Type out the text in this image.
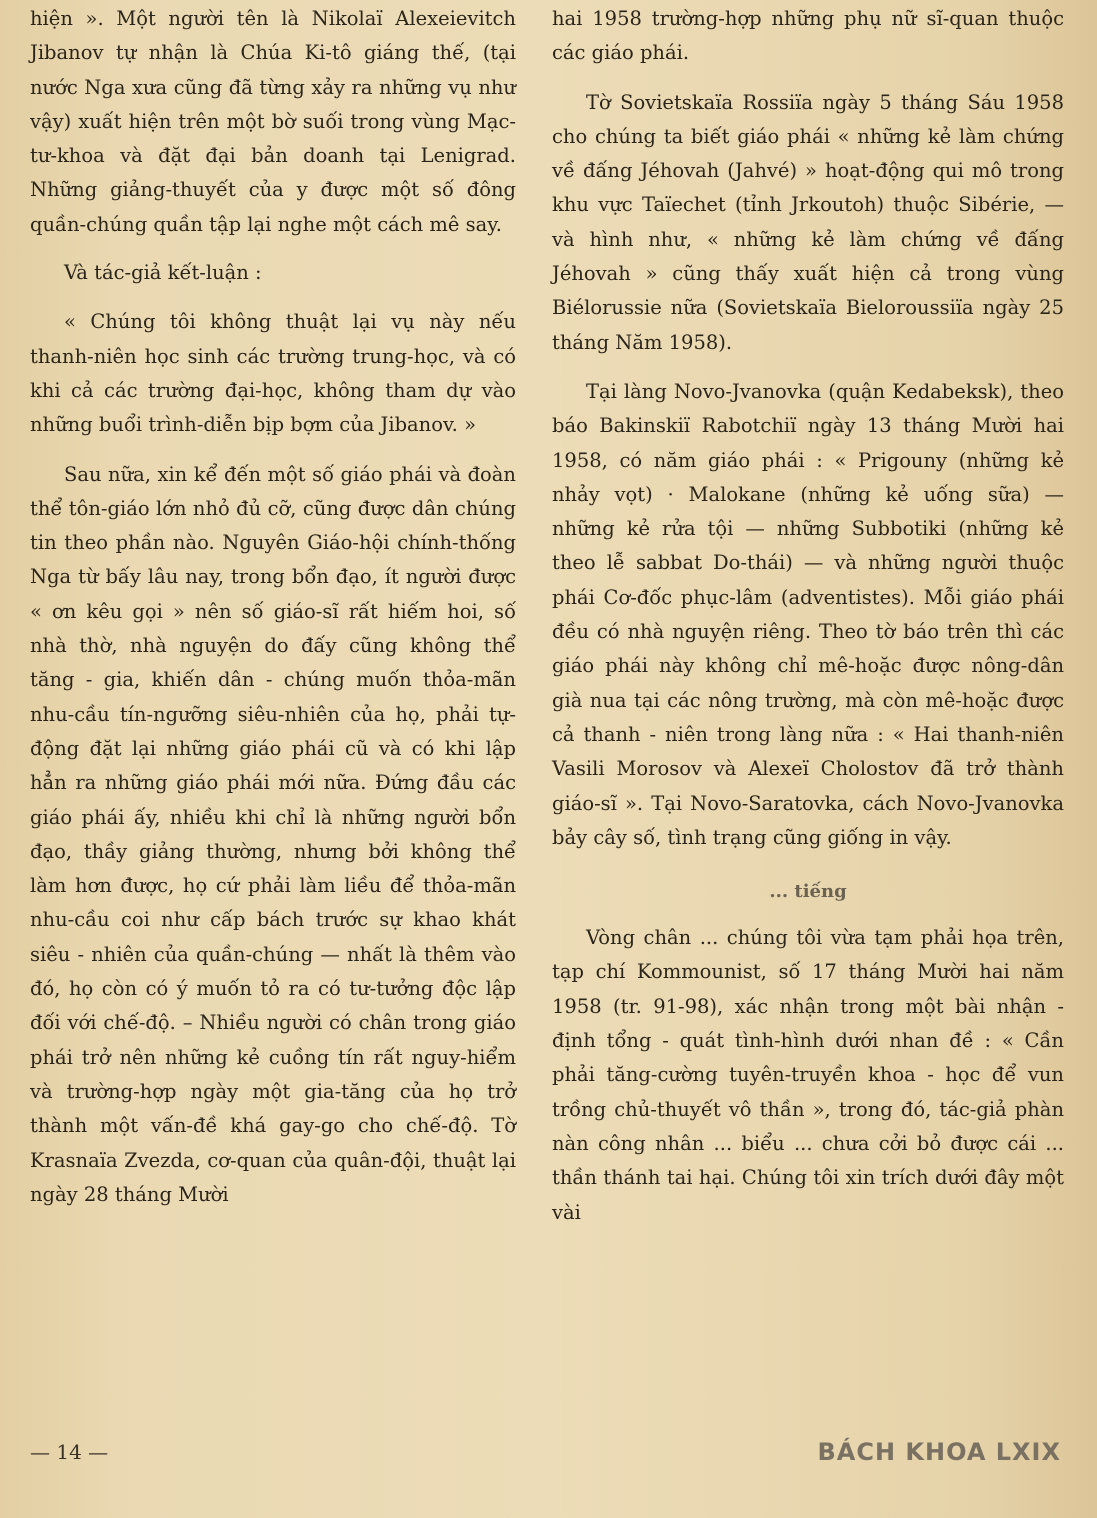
hiện ». Một người tên là Nikolaï Alexeievitch Jibanov tự nhận là Chúa Ki-tô giáng thế, (tại nước Nga xưa cũng đã từng xảy ra những vụ như vậy) xuất hiện trên một bờ suối trong vùng Mạc-tư-khoa và đặt đại bản doanh tại Lenigrad. Những giảng-thuyết của y được một số đông quần-chúng quần tập lại nghe một cách mê say.

Và tác-giả kết-luận :

« Chúng tôi không thuật lại vụ này nếu thanh-niên học sinh các trường trung-học, và có khi cả các trường đại-học, không tham dự vào những buổi trình-diễn bịp bợm của Jibanov. »

Sau nữa, xin kể đến một số giáo phái và đoàn thể tôn-giáo lớn nhỏ đủ cỡ, cũng được dân chúng tin theo phần nào. Nguyên Giáo-hội chính-thống Nga từ bấy lâu nay, trong bổn đạo, ít người được « ơn kêu gọi » nên số giáo-sĩ rất hiếm hoi, số nhà thờ, nhà nguyện do đấy cũng không thể tăng - gia, khiến dân - chúng muốn thỏa-mãn nhu-cầu tín-ngưỡng siêu-nhiên của họ, phải tự-động đặt lại những giáo phái cũ và có khi lập hẳn ra những giáo phái mới nữa. Đứng đầu các giáo phái ấy, nhiều khi chỉ là những người bổn đạo, thầy giảng thường, nhưng bởi không thể làm hơn được, họ cứ phải làm liều để thỏa-mãn nhu-cầu coi như cấp bách trước sự khao khát siêu - nhiên của quần-chúng — nhất là thêm vào đó, họ còn có ý muốn tỏ ra có tư-tưởng độc lập đối với chế-độ. – Nhiều người có chân trong giáo phái trở nên những kẻ cuồng tín rất nguy-hiểm và trường-hợp ngày một gia-tăng của họ trở thành một vấn-đề khá gay-go cho chế-độ. Tờ Krasnaïa Zvezda, cơ-quan của quân-đội, thuật lại ngày 28 tháng Mười

hai 1958 trường-hợp những phụ nữ sĩ-quan thuộc các giáo phái.

Tờ Sovietskaïa Rossiïa ngày 5 tháng Sáu 1958 cho chúng ta biết giáo phái « những kẻ làm chứng về đấng Jéhovah (Jahvé) » hoạt-động qui mô trong khu vực Taïechet (tỉnh Jrkoutoh) thuộc Sibérie, — và hình như, « những kẻ làm chứng về đấng Jéhovah » cũng thấy xuất hiện cả trong vùng Biélorussie nữa (Sovietskaïa Bieloroussiïa ngày 25 tháng Năm 1958).

Tại làng Novo-Jvanovka (quận Kedabeksk), theo báo Bakinskiï Rabotchiï ngày 13 tháng Mười hai 1958, có năm giáo phái : « Prigouny (những kẻ nhảy vọt) · Malokane (những kẻ uống sữa) — những kẻ rửa tội — những Subbotiki (những kẻ theo lễ sabbat Do-thái) — và những người thuộc phái Cơ-đốc phục-lâm (adventistes). Mỗi giáo phái đều có nhà nguyện riêng. Theo tờ báo trên thì các giáo phái này không chỉ mê-hoặc được nông-dân già nua tại các nông trường, mà còn mê-hoặc được cả thanh - niên trong làng nữa : « Hai thanh-niên Vasili Morosov và Alexeï Cholostov đã trở thành giáo-sĩ ». Tại Novo-Saratovka, cách Novo-Jvanovka bảy cây số, tình trạng cũng giống in vậy.

... tiếng

Vòng chân ... chúng tôi vừa tạm phải họa trên, tạp chí Kommounist, số 17 tháng Mười hai năm 1958 (tr. 91-98), xác nhận trong một bài nhận - định tổng - quát tình-hình dưới nhan đề : « Cần phải tăng-cường tuyên-truyền khoa - học để vun trồng chủ-thuyết vô thần », trong đó, tác-giả phàn nàn công nhân ... biểu ... chưa cởi bỏ được cái ... thần thánh tai hại. Chúng tôi xin trích dưới đây một vài

— 14 —	BÁCH KHOA LXIX
